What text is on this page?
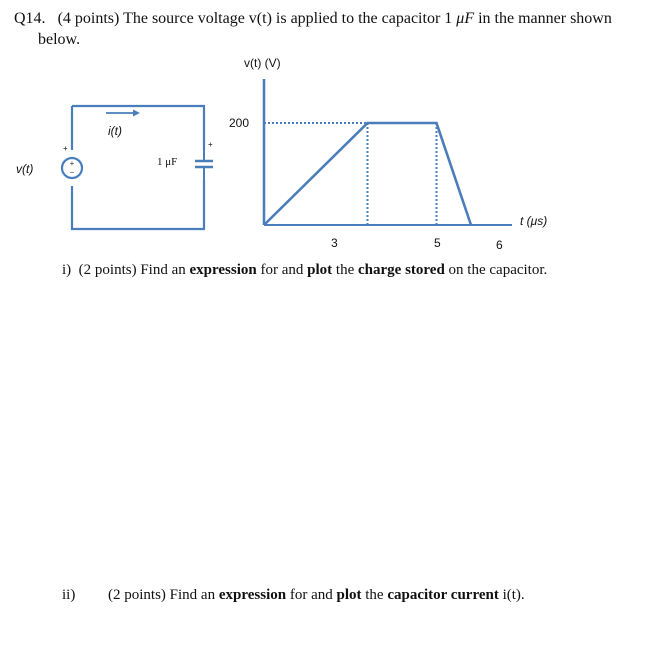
Q14. (4 points) The source voltage v(t) is applied to the capacitor 1 μF in the manner shown
below.
+
−
i(t)
+	+
1 μF
v(t)
v(t) (V)
200
3	5	6
t (μs)
i) (2 points) Find an expression for and plot the charge stored on the capacitor.
ii) (2 points) Find an expression for and plot the capacitor current i(t).
